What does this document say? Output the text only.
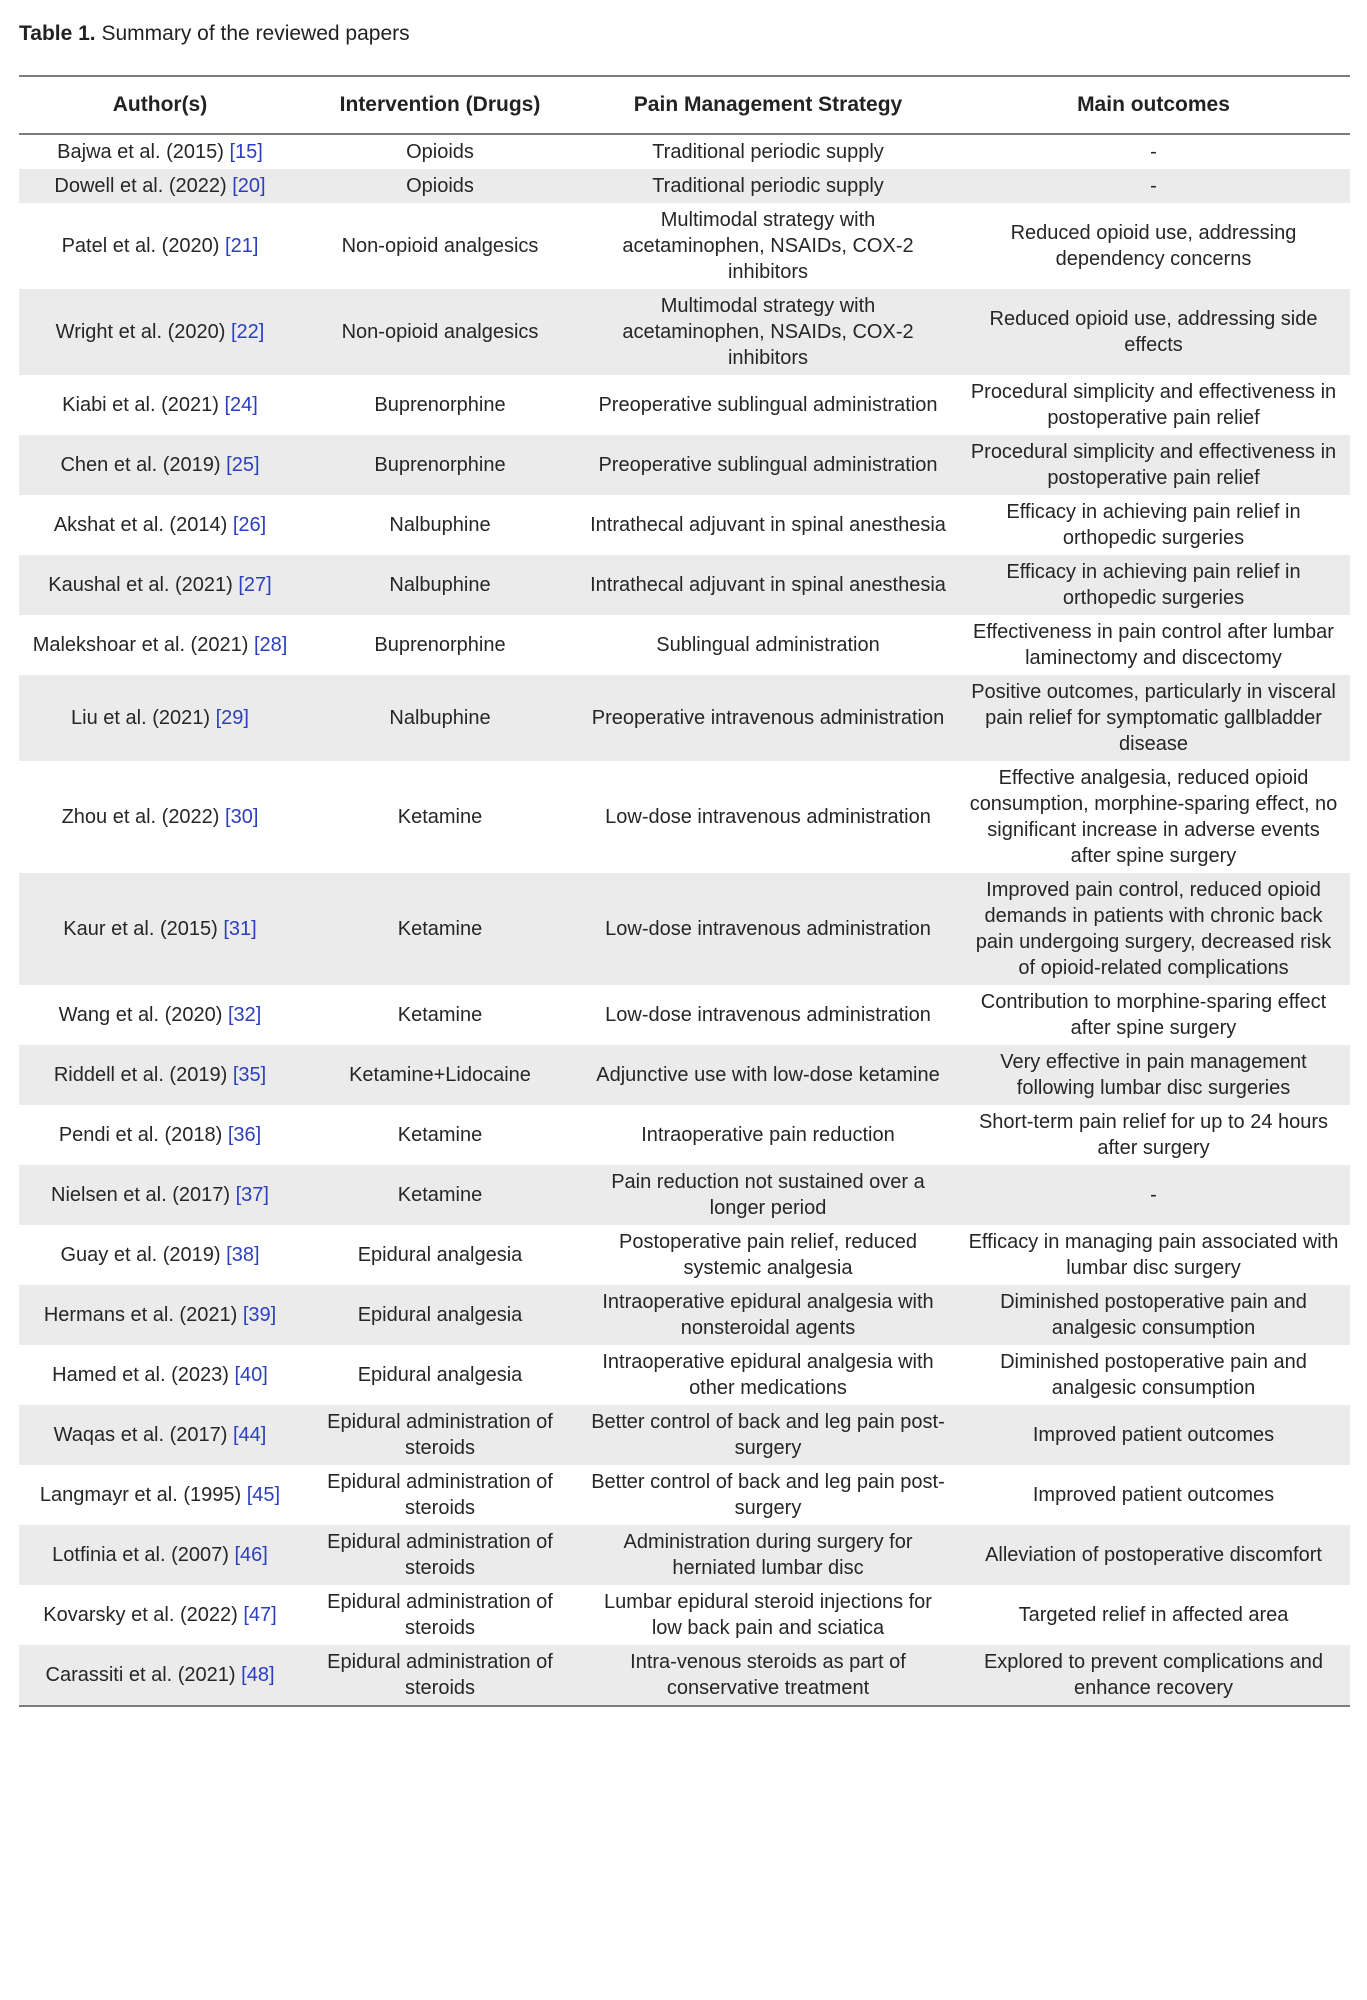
Table 1. Summary of the reviewed papers
Author(s)	Intervention (Drugs)	Pain Management Strategy	Main outcomes
Bajwa et al. (2015) [15]	Opioids	Traditional periodic supply	-
Dowell et al. (2022) [20]	Opioids	Traditional periodic supply	-
Patel et al. (2020) [21]	Non-opioid analgesics	Multimodal strategy with acetaminophen, NSAIDs, COX-2 inhibitors	Reduced opioid use, addressing dependency concerns
Wright et al. (2020) [22]	Non-opioid analgesics	Multimodal strategy with acetaminophen, NSAIDs, COX-2 inhibitors	Reduced opioid use, addressing side effects
Kiabi et al. (2021) [24]	Buprenorphine	Preoperative sublingual administration	Procedural simplicity and effectiveness in postoperative pain relief
Chen et al. (2019) [25]	Buprenorphine	Preoperative sublingual administration	Procedural simplicity and effectiveness in postoperative pain relief
Akshat et al. (2014) [26]	Nalbuphine	Intrathecal adjuvant in spinal anesthesia	Efficacy in achieving pain relief in orthopedic surgeries
Kaushal et al. (2021) [27]	Nalbuphine	Intrathecal adjuvant in spinal anesthesia	Efficacy in achieving pain relief in orthopedic surgeries
Malekshoar et al. (2021) [28]	Buprenorphine	Sublingual administration	Effectiveness in pain control after lumbar laminectomy and discectomy
Liu et al. (2021) [29]	Nalbuphine	Preoperative intravenous administration	Positive outcomes, particularly in visceral pain relief for symptomatic gallbladder disease
Zhou et al. (2022) [30]	Ketamine	Low-dose intravenous administration	Effective analgesia, reduced opioid consumption, morphine-sparing effect, no significant increase in adverse events after spine surgery
Kaur et al. (2015) [31]	Ketamine	Low-dose intravenous administration	Improved pain control, reduced opioid demands in patients with chronic back pain undergoing surgery, decreased risk of opioid-related complications
Wang et al. (2020) [32]	Ketamine	Low-dose intravenous administration	Contribution to morphine-sparing effect after spine surgery
Riddell et al. (2019) [35]	Ketamine+Lidocaine	Adjunctive use with low-dose ketamine	Very effective in pain management following lumbar disc surgeries
Pendi et al. (2018) [36]	Ketamine	Intraoperative pain reduction	Short-term pain relief for up to 24 hours after surgery
Nielsen et al. (2017) [37]	Ketamine	Pain reduction not sustained over a longer period	-
Guay et al. (2019) [38]	Epidural analgesia	Postoperative pain relief, reduced systemic analgesia	Efficacy in managing pain associated with lumbar disc surgery
Hermans et al. (2021) [39]	Epidural analgesia	Intraoperative epidural analgesia with nonsteroidal agents	Diminished postoperative pain and analgesic consumption
Hamed et al. (2023) [40]	Epidural analgesia	Intraoperative epidural analgesia with other medications	Diminished postoperative pain and analgesic consumption
Waqas et al. (2017) [44]	Epidural administration of steroids	Better control of back and leg pain post-surgery	Improved patient outcomes
Langmayr et al. (1995) [45]	Epidural administration of steroids	Better control of back and leg pain post-surgery	Improved patient outcomes
Lotfinia et al. (2007) [46]	Epidural administration of steroids	Administration during surgery for herniated lumbar disc	Alleviation of postoperative discomfort
Kovarsky et al. (2022) [47]	Epidural administration of steroids	Lumbar epidural steroid injections for low back pain and sciatica	Targeted relief in affected area
Carassiti et al. (2021) [48]	Epidural administration of steroids	Intra-venous steroids as part of conservative treatment	Explored to prevent complications and enhance recovery
